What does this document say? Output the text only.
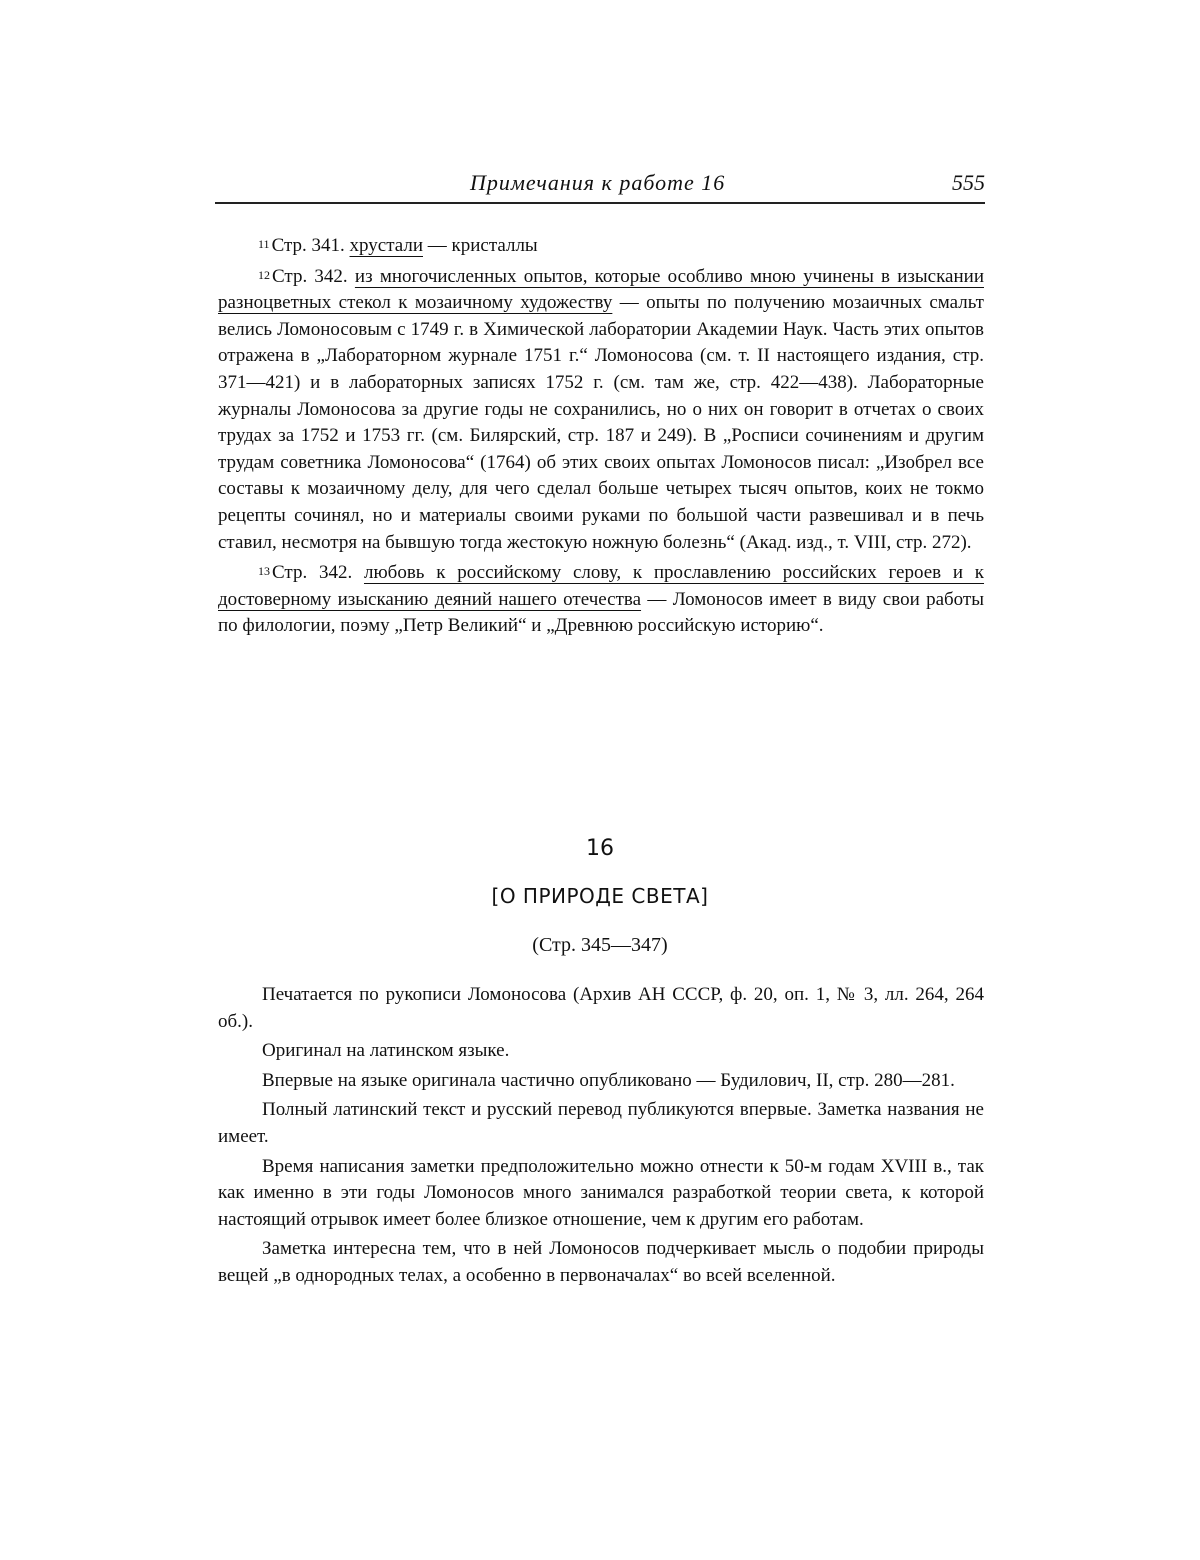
Примечания к работе 16	555

$^{11}$ Стр. 341. хрустали — кристаллы

$^{12}$ Стр. 342. из многочисленных опытов, которые особливо мною учинены в изыскании разноцветных стекол к мозаичному художеству — опыты по получению мозаичных смальт велись Ломоносовым с 1749 г. в Химической лаборатории Академии Наук. Часть этих опытов отражена в „Лабораторном журнале 1751 г.“ Ломоносова (см. т. II настоящего издания, стр. 371—421) и в лабораторных записях 1752 г. (см. там же, стр. 422—438). Лабораторные журналы Ломоносова за другие годы не сохранились, но о них он говорит в отчетах о своих трудах за 1752 и 1753 гг. (см. Билярский, стр. 187 и 249). В „Росписи сочинениям и другим трудам советника Ломоносова“ (1764) об этих своих опытах Ломоносов писал: „Изобрел все составы к мозаичному делу, для чего сделал больше четырех тысяч опытов, коих не токмо рецепты сочинял, но и материалы своими руками по большой части развешивал и в печь ставил, несмотря на бывшую тогда жестокую ножную болезнь“ (Акад. изд., т. VIII, стр. 272).

$^{13}$ Стр. 342. любовь к российскому слову, к прославлению российских героев и к достоверному изысканию деяний нашего отечества — Ломоносов имеет в виду свои работы по филологии, поэму „Петр Великий“ и „Древнюю российскую историю“.

16
[О ПРИРОДЕ СВЕТА]
(Стр. 345—347)

Печатается по рукописи Ломоносова (Архив АН СССР, ф. 20, оп. 1, № 3, лл. 264, 264 об.).

Оригинал на латинском языке.

Впервые на языке оригинала частично опубликовано — Будилович, II, стр. 280—281.

Полный латинский текст и русский перевод публикуются впервые. Заметка названия не имеет.

Время написания заметки предположительно можно отнести к 50-м годам XVIII в., так как именно в эти годы Ломоносов много занимался разработкой теории света, к которой настоящий отрывок имеет более близкое отношение, чем к другим его работам.

Заметка интересна тем, что в ней Ломоносов подчеркивает мысль о подобии природы вещей „в однородных телах, а особенно в первоначалах“ во всей вселенной.
